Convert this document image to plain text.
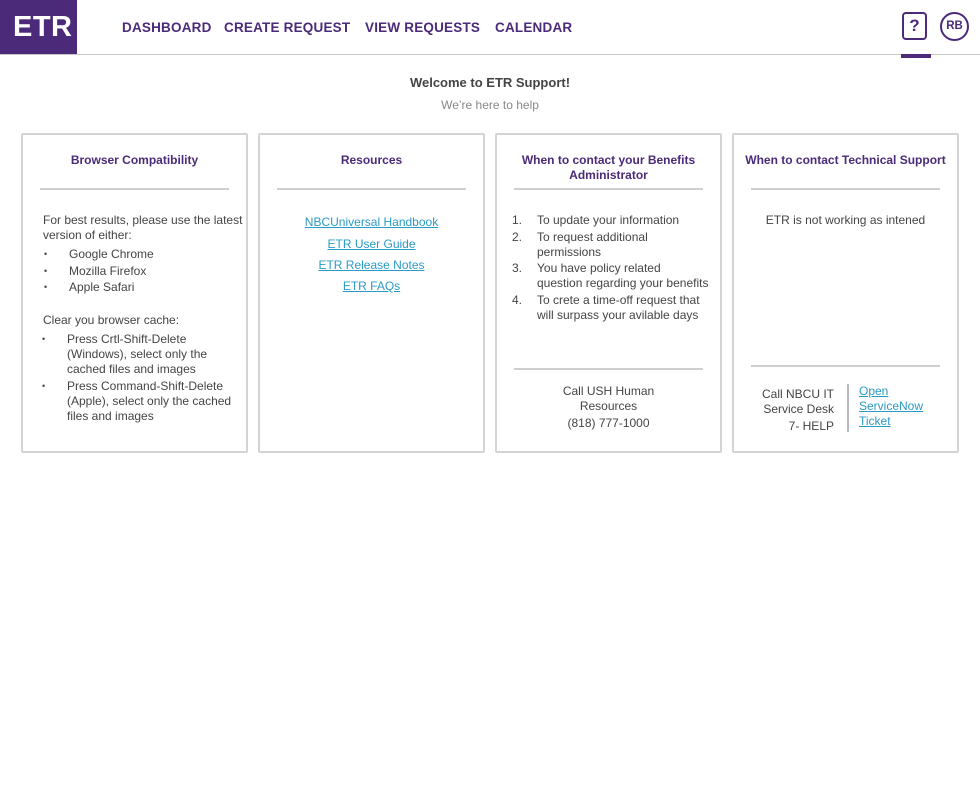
ETR	DASHBOARD CREATE REQUEST VIEW REQUESTS CALENDAR	?	RB
Welcome to ETR Support!
We’re here to help
Browser Compatibility
For best results, please use the latest
version of either:
• Google Chrome
• Mozilla Firefox
• Apple Safari
Clear you browser cache:
• Press Crtl-Shift-Delete
(Windows), select only the
cached files and images
• Press Command-Shift-Delete
(Apple), select only the cached
files and images
Resources
NBCUniversal Handbook
ETR User Guide
ETR Release Notes
ETR FAQs
When to contact your Benefits
Administrator
1. To update your information
2. To request additional
permissions
3. You have policy related
question regarding your benefits
4. To crete a time-off request that
will surpass your avilable days
Call USH Human
Resources
(818) 777-1000
When to contact Technical Support
ETR is not working as intened
Call NBCU IT
Service Desk
7- HELP
Open
ServiceNow
Ticket
